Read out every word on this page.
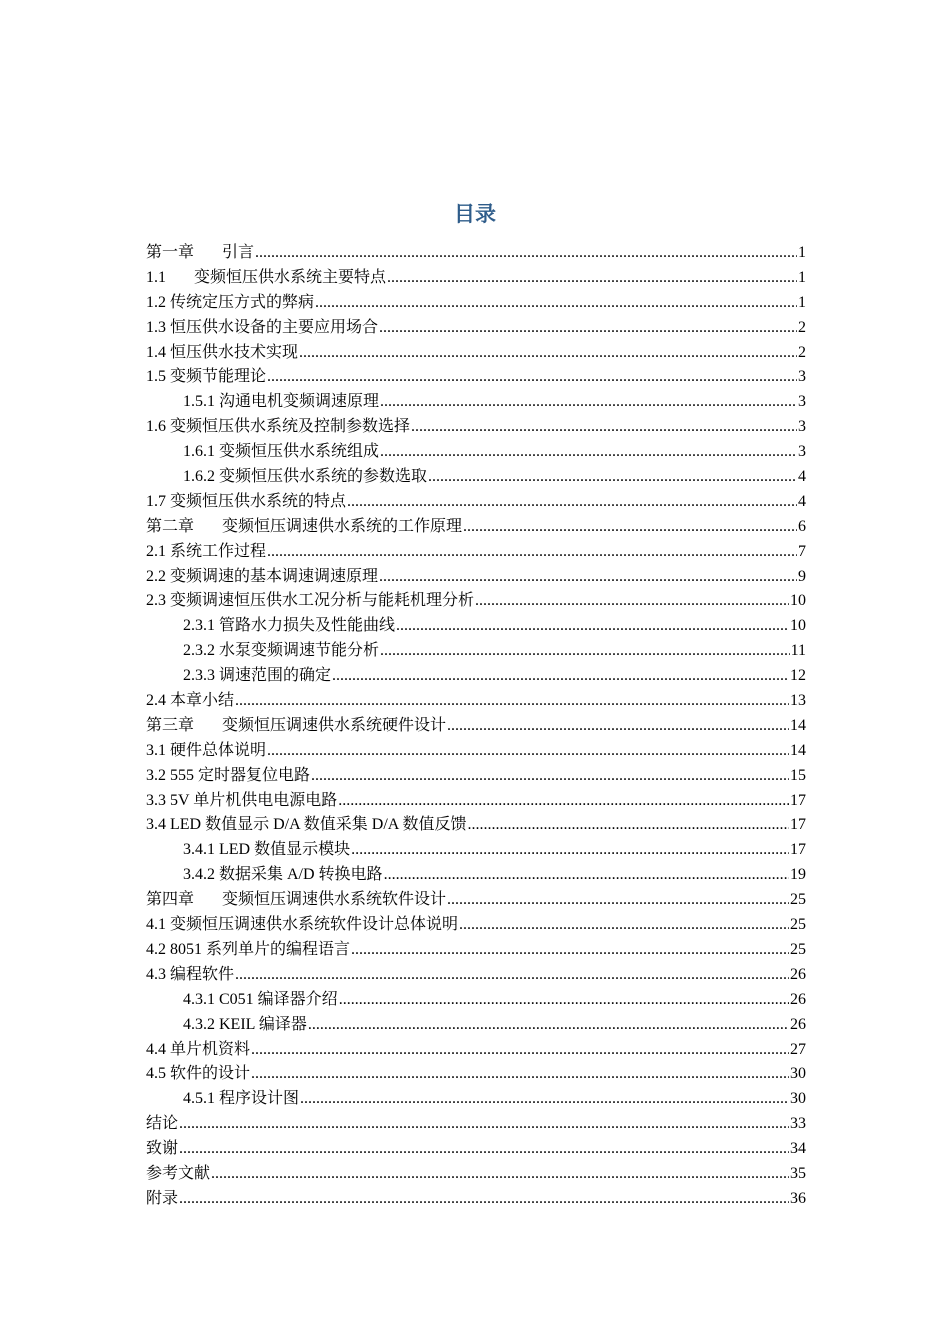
目录
第一章 引言 .....	1
1.1 变频恒压供水系统主要特点 .....	1
1.2 传统定压方式的弊病 .....	1
1.3 恒压供水设备的主要应用场合 .....	2
1.4 恒压供水技术实现 .....	2
1.5 变频节能理论 .....	3
1.5.1 沟通电机变频调速原理 .....	3
1.6 变频恒压供水系统及控制参数选择 .....	3
1.6.1 变频恒压供水系统组成 .....	3
1.6.2 变频恒压供水系统的参数选取 .....	4
1.7 变频恒压供水系统的特点 .....	4
第二章 变频恒压调速供水系统的工作原理 .....	6
2.1 系统工作过程 .....	7
2.2 变频调速的基本调速调速原理 .....	9
2.3 变频调速恒压供水工况分析与能耗机理分析 .....	10
2.3.1 管路水力损失及性能曲线 .....	10
2.3.2 水泵变频调速节能分析 .....	11
2.3.3 调速范围的确定 .....	12
2.4 本章小结 .....	13
第三章 变频恒压调速供水系统硬件设计 .....	14
3.1 硬件总体说明 .....	14
3.2 555 定时器复位电路 .....	15
3.3 5V 单片机供电电源电路 .....	17
3.4 LED 数值显示 D/A 数值采集 D/A 数值反馈 .....	17
3.4.1 LED 数值显示模块 .....	17
3.4.2 数据采集 A/D 转换电路 .....	19
第四章 变频恒压调速供水系统软件设计 .....	25
4.1 变频恒压调速供水系统软件设计总体说明 .....	25
4.2 8051 系列单片的编程语言 .....	25
4.3 编程软件 .....	26
4.3.1 C051 编译器介绍 .....	26
4.3.2 KEIL 编译器 .....	26
4.4 单片机资料 .....	27
4.5 软件的设计 .....	30
4.5.1 程序设计图 .....	30
结论 .....	33
致谢 .....	34
参考文献 .....	35
附录 .....	36
